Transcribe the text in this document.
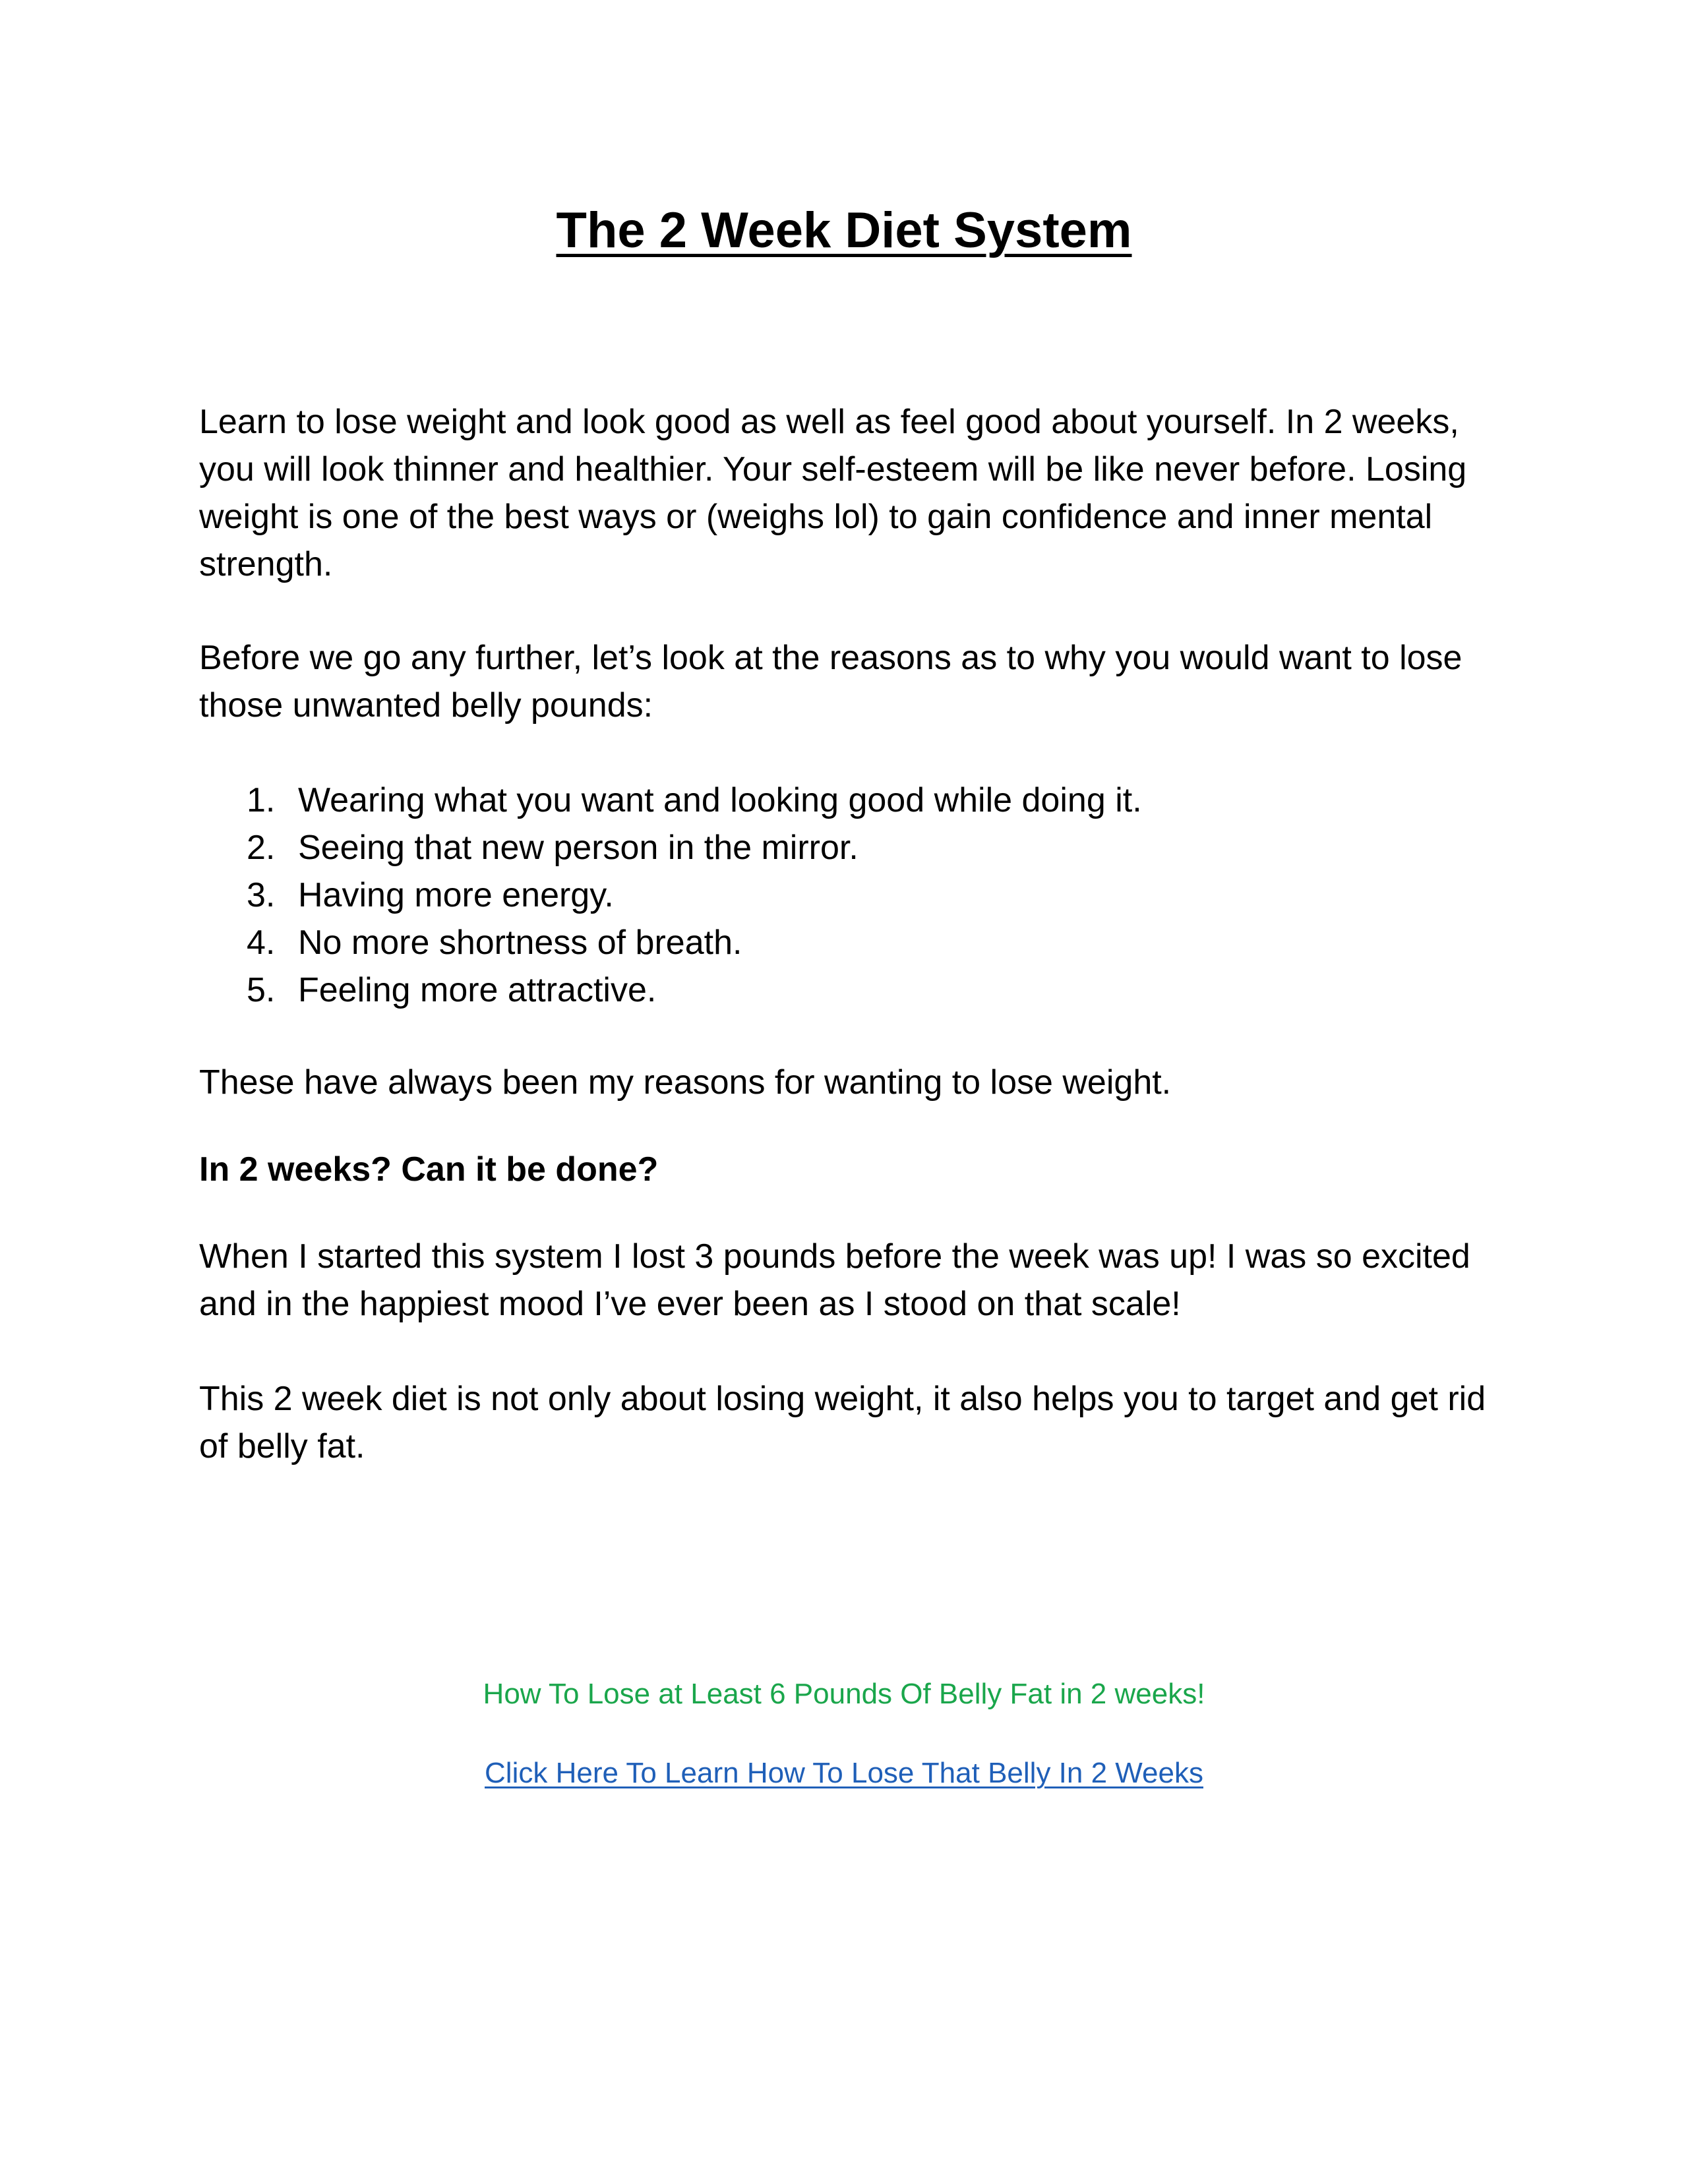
The 2 Week Diet System

Learn to lose weight and look good as well as feel good about yourself. In 2 weeks, you will look thinner and healthier. Your self-esteem will be like never before. Losing weight is one of the best ways or (weighs lol) to gain confidence and inner mental strength.

Before we go any further, let’s look at the reasons as to why you would want to lose those unwanted belly pounds:

1. Wearing what you want and looking good while doing it.
2. Seeing that new person in the mirror.
3. Having more energy.
4. No more shortness of breath.
5. Feeling more attractive.

These have always been my reasons for wanting to lose weight.

In 2 weeks? Can it be done?

When I started this system I lost 3 pounds before the week was up! I was so excited and in the happiest mood I’ve ever been as I stood on that scale!

This 2 week diet is not only about losing weight, it also helps you to target and get rid of belly fat.

How To Lose at Least 6 Pounds Of Belly Fat in 2 weeks!

Click Here To Learn How To Lose That Belly In 2 Weeks
